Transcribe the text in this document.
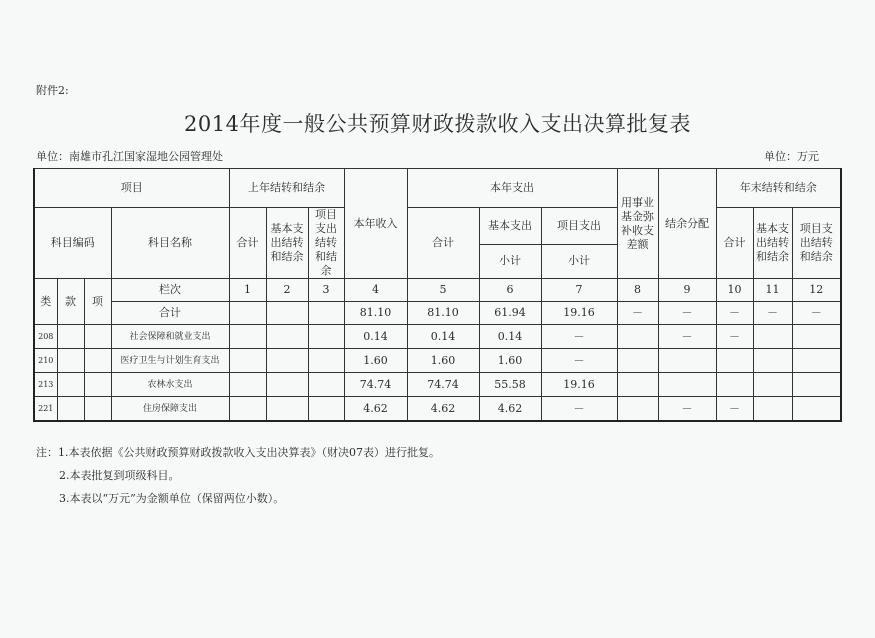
附件2:
2014年度一般公共预算财政拨款收入支出决算批复表
单位：南雄市孔江国家湿地公园管理处	单位：万元
项目				上年结转和结余			本年收入	本年支出			用事业基金弥补收支差额	结余分配	年末结转和结余		
科目编码			科目名称	合计	基本支出结转和结余	项目支出结转和结余		合计	基本支出	项目支出			合计	基本支出结转和结余	项目支出结转和结余
									小计	小计					
类	款	项	栏次	1	2	3	4	5	6	7	8	9	10	11	12
			合计				81.10	81.10	61.94	19.16	－	－	－	－	－
208			社会保障和就业支出				0.14	0.14	0.14	－		－	－		
210			医疗卫生与计划生育支出				1.60	1.60	1.60	－					
213			农林水支出				74.74	74.74	55.58	19.16					
221			住房保障支出				4.62	4.62	4.62	－		－	－		
注：1.本表依据《公共财政预算财政拨款收入支出决算表》（财决07表）进行批复。
2.本表批复到项级科目。
3.本表以“万元”为金额单位（保留两位小数）。
